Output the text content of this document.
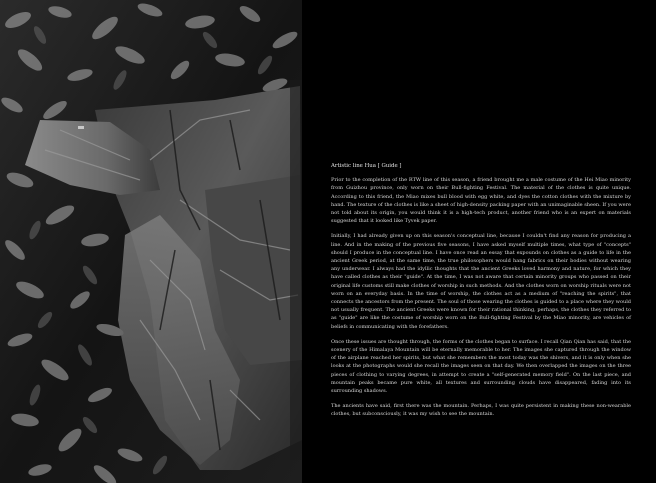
Artistic line Hua [ Guide ]

Prior to the completion of the RTW line of this season, a friend brought me a male costume of the Hei Miao minority from Guizhou province, only worn on their Bull-fighting Festival. The material of the clothes is quite unique. According to this friend, the Miao mixes bull blood with egg white, and dyes the cotton clothes with the mixture by hand. The texture of the clothes is like a sheet of high-density packing paper with an unimaginable sheen. If you were not told about its origin, you would think it is a high-tech product, another friend who is an expert on materials suggested that it looked like Tyvek paper.

Initially, I had already given up on this season's conceptual line, because I couldn't find any reason for producing a line. And in the making of the previous five seasons, I have asked myself multiple times, what type of "concepts" should I produce in the conceptual line. I have once read an essay that expounds on clothes as a guide to life in the ancient Greek period, at the same time, the true philosophers would hang fabrics on their bodies without wearing any underwear. I always had the idyllic thoughts that the ancient Greeks loved harmony and nature, for which they have called clothes as their "guide". At the time, I was not aware that certain minority groups who passed on their original life customs still make clothes of worship in such methods. And the clothes worn on worship rituals were not worn on an everyday basis. In the time of worship, the clothes act as a medium of "reaching the spirits", that connects the ancestors from the present. The soul of those wearing the clothes is guided to a place where they would not usually frequent. The ancient Greeks were known for their rational thinking, perhaps, the clothes they referred to as "guide" are like the costume of worship worn on the Bull-fighting Festival by the Miao minority, are vehicles of beliefs in communicating with the forefathers.

Once these issues are thought through, the forms of the clothes began to surface. I recall Qian Qian has said, that the scenery of the Himalaya Mountain will be eternally memorable to her. The images she captured through the window of the airplane reached her spirits, but what she remembers the most today was the shivers, and it is only when she looks at the photographs would she recall the images seen on that day. We then overlapped the images on the three pieces of clothing to varying degrees, in attempt to create a "self-generated memory field". On the last piece, and mountain peaks became pure white, all textures and surrounding clouds have disappeared, fading into its surrounding shadows.

The ancients have said, first there was the mountain. Perhaps, I was quite persistent in making these non-wearable clothes, but subconsciously, it was my wish to see the mountain.
